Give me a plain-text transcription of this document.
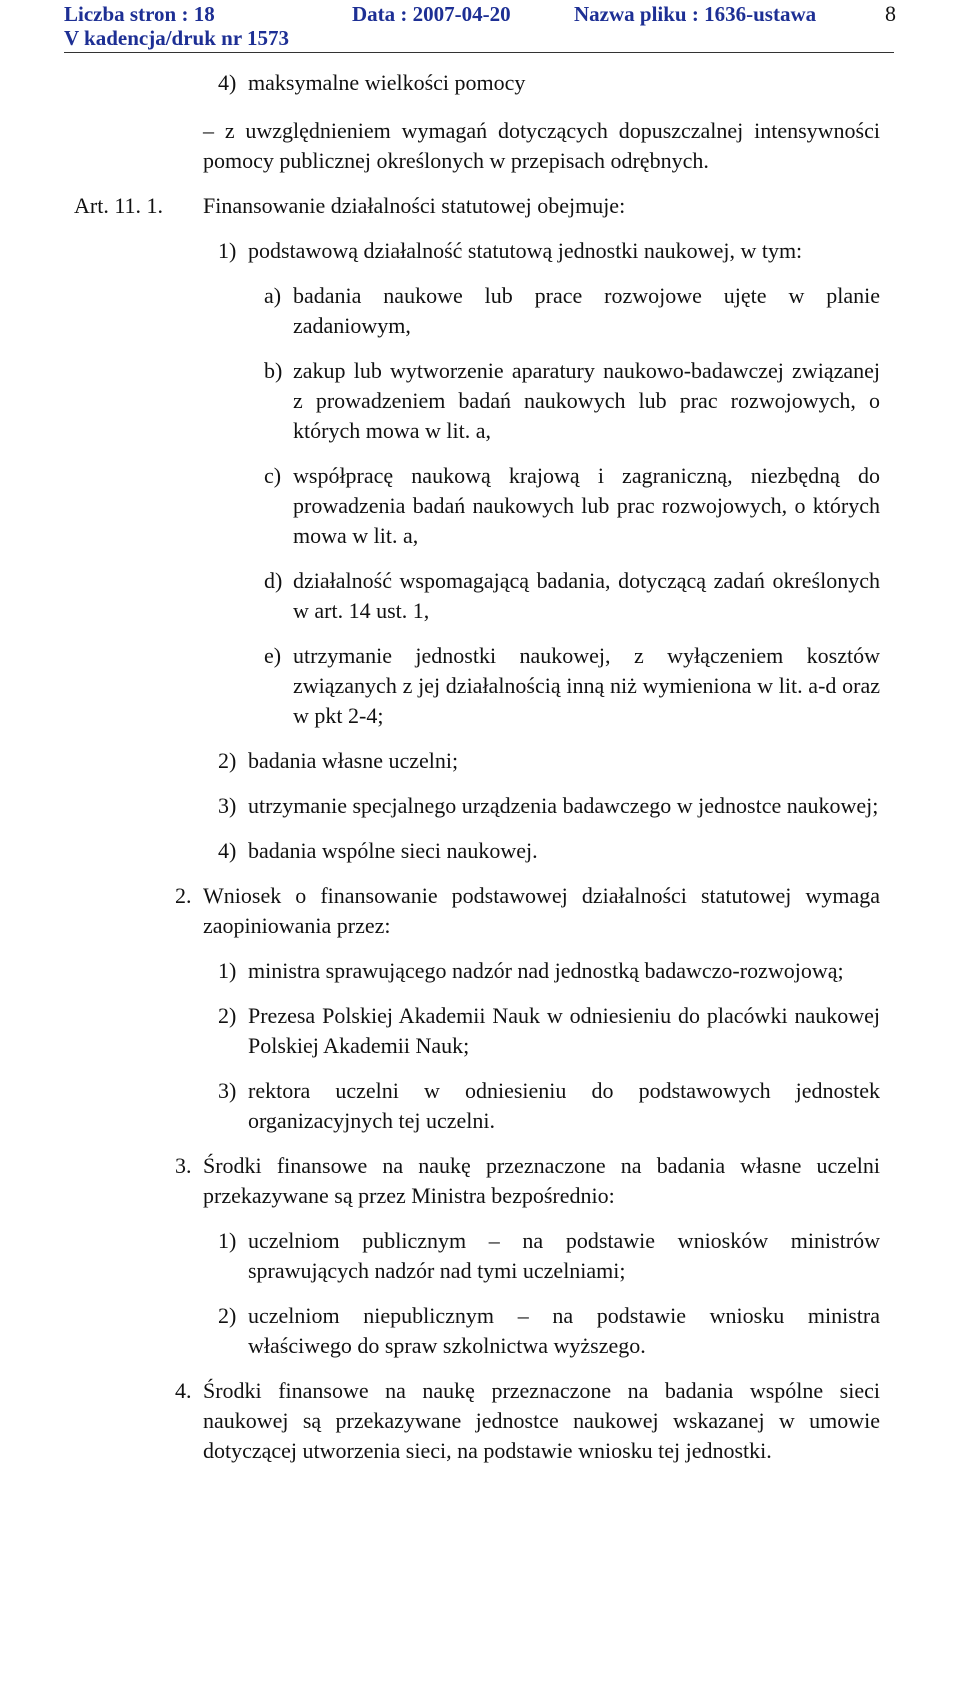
Liczba stron : 18	Data : 2007-04-20	Nazwa pliku : 1636-ustawa	8
V kadencja/druk nr 1573
4) maksymalne wielkości pomocy
– z uwzględnieniem wymagań dotyczących dopuszczalnej intensywności pomocy publicznej określonych w przepisach odrębnych.
Art. 11. 1. Finansowanie działalności statutowej obejmuje:
1) podstawową działalność statutową jednostki naukowej, w tym:
a) badania naukowe lub prace rozwojowe ujęte w planie zadaniowym,
b) zakup lub wytworzenie aparatury naukowo-badawczej związanej z prowadzeniem badań naukowych lub prac rozwojowych, o których mowa w lit. a,
c) współpracę naukową krajową i zagraniczną, niezbędną do prowadzenia badań naukowych lub prac rozwojowych, o których mowa w lit. a,
d) działalność wspomagającą badania, dotyczącą zadań określonych w art. 14 ust. 1,
e) utrzymanie jednostki naukowej, z wyłączeniem kosztów związanych z jej działalnością inną niż wymieniona w lit. a-d oraz w pkt 2-4;
2) badania własne uczelni;
3) utrzymanie specjalnego urządzenia badawczego w jednostce naukowej;
4) badania wspólne sieci naukowej.
2. Wniosek o finansowanie podstawowej działalności statutowej wymaga zaopiniowania przez:
1) ministra sprawującego nadzór nad jednostką badawczo-rozwojową;
2) Prezesa Polskiej Akademii Nauk w odniesieniu do placówki naukowej Polskiej Akademii Nauk;
3) rektora uczelni w odniesieniu do podstawowych jednostek organizacyjnych tej uczelni.
3. Środki finansowe na naukę przeznaczone na badania własne uczelni przekazywane są przez Ministra bezpośrednio:
1) uczelniom publicznym – na podstawie wniosków ministrów sprawujących nadzór nad tymi uczelniami;
2) uczelniom niepublicznym – na podstawie wniosku ministra właściwego do spraw szkolnictwa wyższego.
4. Środki finansowe na naukę przeznaczone na badania wspólne sieci naukowej są przekazywane jednostce naukowej wskazanej w umowie dotyczącej utworzenia sieci, na podstawie wniosku tej jednostki.
